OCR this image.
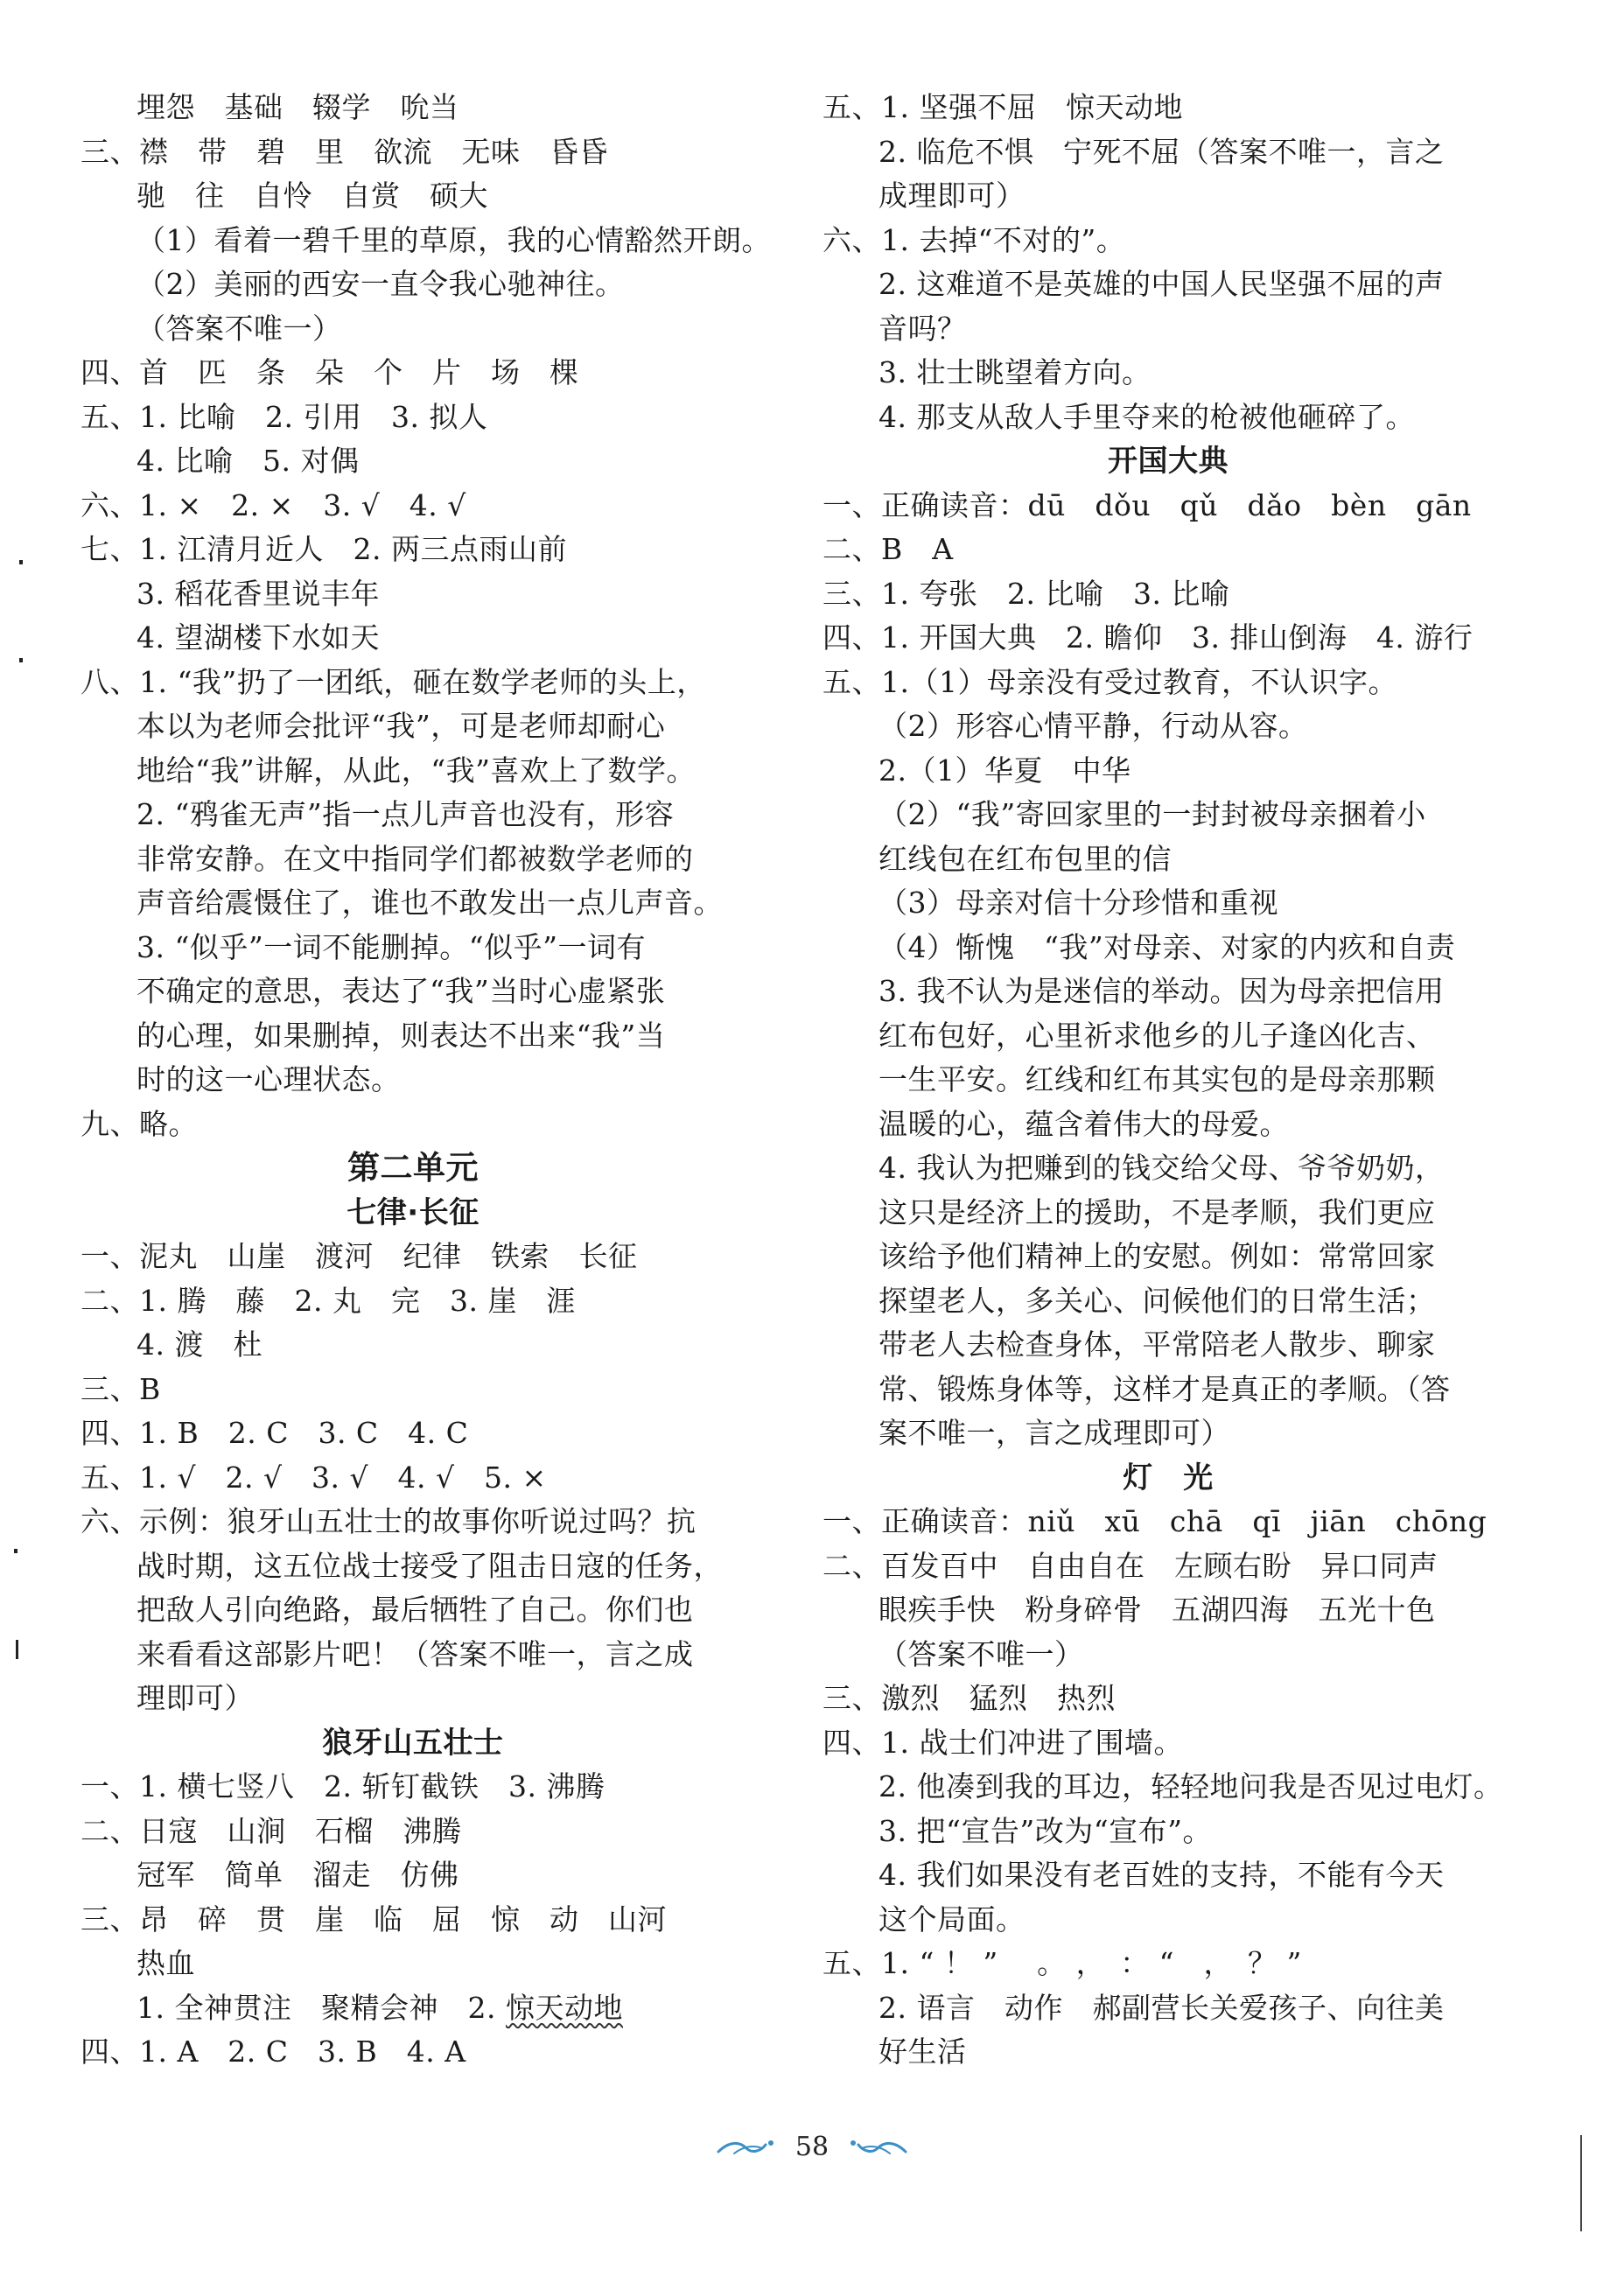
埋怨　基础　辍学　吮当
三、襟　带　碧　里　欲流　无味　昏昏
驰　往　自怜　自赏　硕大
（1）看着一碧千里的草原，我的心情豁然开朗。
（2）美丽的西安一直令我心驰神往。
（答案不唯一）
四、首　匹　条　朵　个　片　场　棵
五、1. 比喻　2. 引用　3. 拟人
4. 比喻　5. 对偶
六、1. ×　2. ×　3. √　4. √
七、1. 江清月近人　2. 两三点雨山前
3. 稻花香里说丰年
4. 望湖楼下水如天
八、1. “我”扔了一团纸，砸在数学老师的头上，
本以为老师会批评“我”，可是老师却耐心
地给“我”讲解，从此，“我”喜欢上了数学。
2. “鸦雀无声”指一点儿声音也没有，形容
非常安静。在文中指同学们都被数学老师的
声音给震慑住了，谁也不敢发出一点儿声音。
3. “似乎”一词不能删掉。“似乎”一词有
不确定的意思，表达了“我”当时心虚紧张
的心理，如果删掉，则表达不出来“我”当
时的这一心理状态。
九、略。
第二单元
七律·长征
一、泥丸　山崖　渡河　纪律　铁索　长征
二、1. 腾　藤　2. 丸　完　3. 崖　涯
4. 渡　杜
三、B
四、1. B　2. C　3. C　4. C
五、1. √　2. √　3. √　4. √　5. ×
六、示例：狼牙山五壮士的故事你听说过吗？抗
战时期，这五位战士接受了阻击日寇的任务，
把敌人引向绝路，最后牺牲了自己。你们也
来看看这部影片吧！（答案不唯一，言之成
理即可）
狼牙山五壮士
一、1. 横七竖八　2. 斩钉截铁　3. 沸腾
二、日寇　山涧　石榴　沸腾
冠军　简单　溜走　仿佛
三、昂　碎　贯　崖　临　屈　惊　动　山河
热血
1. 全神贯注　聚精会神　2. 惊天动地
四、1. A　2. C　3. B　4. A
五、1. 坚强不屈　惊天动地
2. 临危不惧　宁死不屈（答案不唯一，言之
成理即可）
六、1. 去掉“不对的”。
2. 这难道不是英雄的中国人民坚强不屈的声
音吗？
3. 壮士眺望着方向。
4. 那支从敌人手里夺来的枪被他砸碎了。
开国大典
一、正确读音：dū　dǒu　qǔ　dǎo　bèn　gān
二、B　A
三、1. 夸张　2. 比喻　3. 比喻
四、1. 开国大典　2. 瞻仰　3. 排山倒海　4. 游行
五、1.（1）母亲没有受过教育，不认识字。
（2）形容心情平静，行动从容。
2.（1）华夏　中华
（2）“我”寄回家里的一封封被母亲捆着小
红线包在红布包里的信
（3）母亲对信十分珍惜和重视
（4）惭愧　“我”对母亲、对家的内疚和自责
3. 我不认为是迷信的举动。因为母亲把信用
红布包好，心里祈求他乡的儿子逢凶化吉、
一生平安。红线和红布其实包的是母亲那颗
温暖的心，蕴含着伟大的母爱。
4. 我认为把赚到的钱交给父母、爷爷奶奶，
这只是经济上的援助，不是孝顺，我们更应
该给予他们精神上的安慰。例如：常常回家
探望老人，多关心、问候他们的日常生活；
带老人去检查身体，平常陪老人散步、聊家
常、锻炼身体等，这样才是真正的孝顺。（答
案不唯一，言之成理即可）
灯　光
一、正确读音：niǔ　xū　chā　qī　jiān　chōng
二、百发百中　自由自在　左顾右盼　异口同声
眼疾手快　粉身碎骨　五湖四海　五光十色
（答案不唯一）
三、激烈　猛烈　热烈
四、1. 战士们冲进了围墙。
2. 他凑到我的耳边，轻轻地问我是否见过电灯。
3. 把“宣告”改为“宣布”。
4. 我们如果没有老百姓的支持，不能有今天
这个局面。
五、1. “ ！ ”　 。 ，　： “　，　？ ”
2. 语言　动作　郝副营长关爱孩子、向往美
好生活
58
